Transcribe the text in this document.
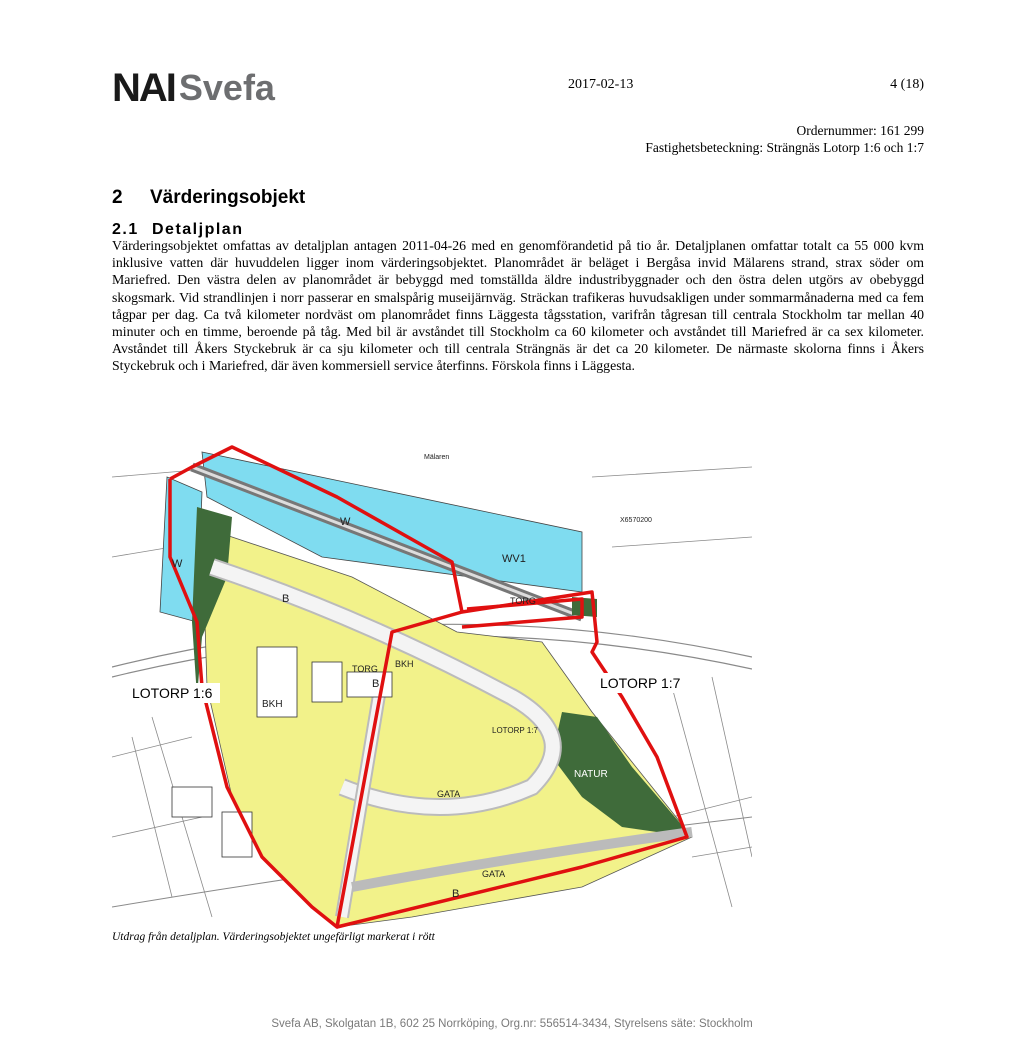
NAI Svefa	2017-02-13	4 (18)
Ordernummer: 161 299
Fastighetsbeteckning: Strängnäs Lotorp 1:6 och 1:7
2 Värderingsobjekt
2.1 Detaljplan
Värderingsobjektet omfattas av detaljplan antagen 2011-04-26 med en genomförandetid på tio år. Detaljplanen omfattar totalt ca 55 000 kvm inklusive vatten där huvuddelen ligger inom värderingsobjektet. Planområdet är beläget i Bergåsa invid Mälarens strand, strax söder om Mariefred. Den västra delen av planområdet är bebyggd med tomställda äldre industribyggnader och den östra delen utgörs av obebyggd skogsmark. Vid strandlinjen i norr passerar en smalspårig museijärnväg. Sträckan trafikeras huvudsakligen under sommarmånaderna med ca fem tågpar per dag. Ca två kilometer nordväst om planområdet finns Läggesta tågsstation, varifrån tågresan till centrala Stockholm tar mellan 40 minuter och en timme, beroende på tåg. Med bil är avståndet till Stockholm ca 60 kilometer och avståndet till Mariefred är ca sex kilometer. Avståndet till Åkers Styckebruk är ca sju kilometer och till centrala Strängnäs är det ca 20 kilometer. De närmaste skolorna finns i Åkers Styckebruk och i Mariefred, där även kommersiell service återfinns. Förskola finns i Läggesta.
Mälaren
W
W	WV1
TORG
TORG
NATUR
B
B
B
BKH
BKH
GATA
GATA
LOTORP 1:7
X6570200
LOTORP 1:6
LOTORP 1:7
Utdrag från detaljplan. Värderingsobjektet ungefärligt markerat i rött
Svefa AB, Skolgatan 1B, 602 25 Norrköping, Org.nr: 556514-3434, Styrelsens säte: Stockholm
